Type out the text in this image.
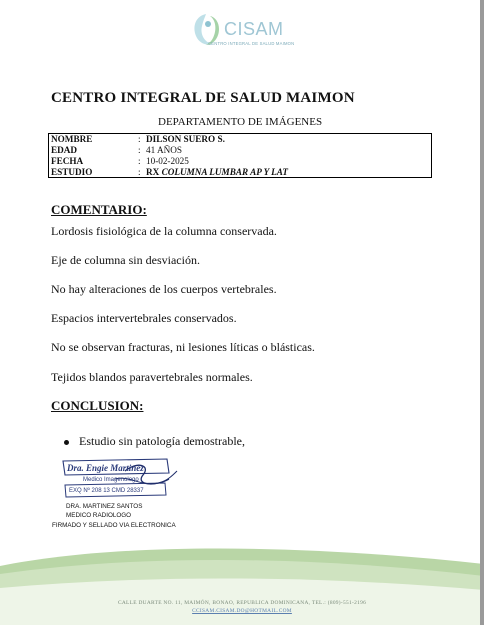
CISAM
CENTRO INTEGRAL DE SALUD MAIMON
CENTRO INTEGRAL DE SALUD MAIMON
DEPARTAMENTO DE IMÁGENES
NOMBRE	: DILSON SUERO S.
EDAD	: 41 AÑOS
FECHA	: 10-02-2025
ESTUDIO	: RX COLUMNA LUMBAR AP Y LAT
COMENTARIO:
Lordosis fisiológica de la columna conservada.
Eje de columna sin desviación.
No hay alteraciones de los cuerpos vertebrales.
Espacios intervertebrales conservados.
No se observan fracturas, ni lesiones líticas o blásticas.
Tejidos blandos paravertebrales normales.
CONCLUSION:
Estudio sin patología demostrable,
Dra. Engie Martinez
Medico Imagenologo
EXQ Nº 208 13 CMD 28337
DRA. MARTINEZ SANTOS
MEDICO RADIOLOGO
FIRMADO Y SELLADO VIA ELECTRONICA
CALLE DUARTE NO. 11, MAIMÓN, BONAO, REPUBLICA DOMINICANA, TEL.: (809)-551-2196
CCISAM.CISAM.DO@HOTMAIL.COM
